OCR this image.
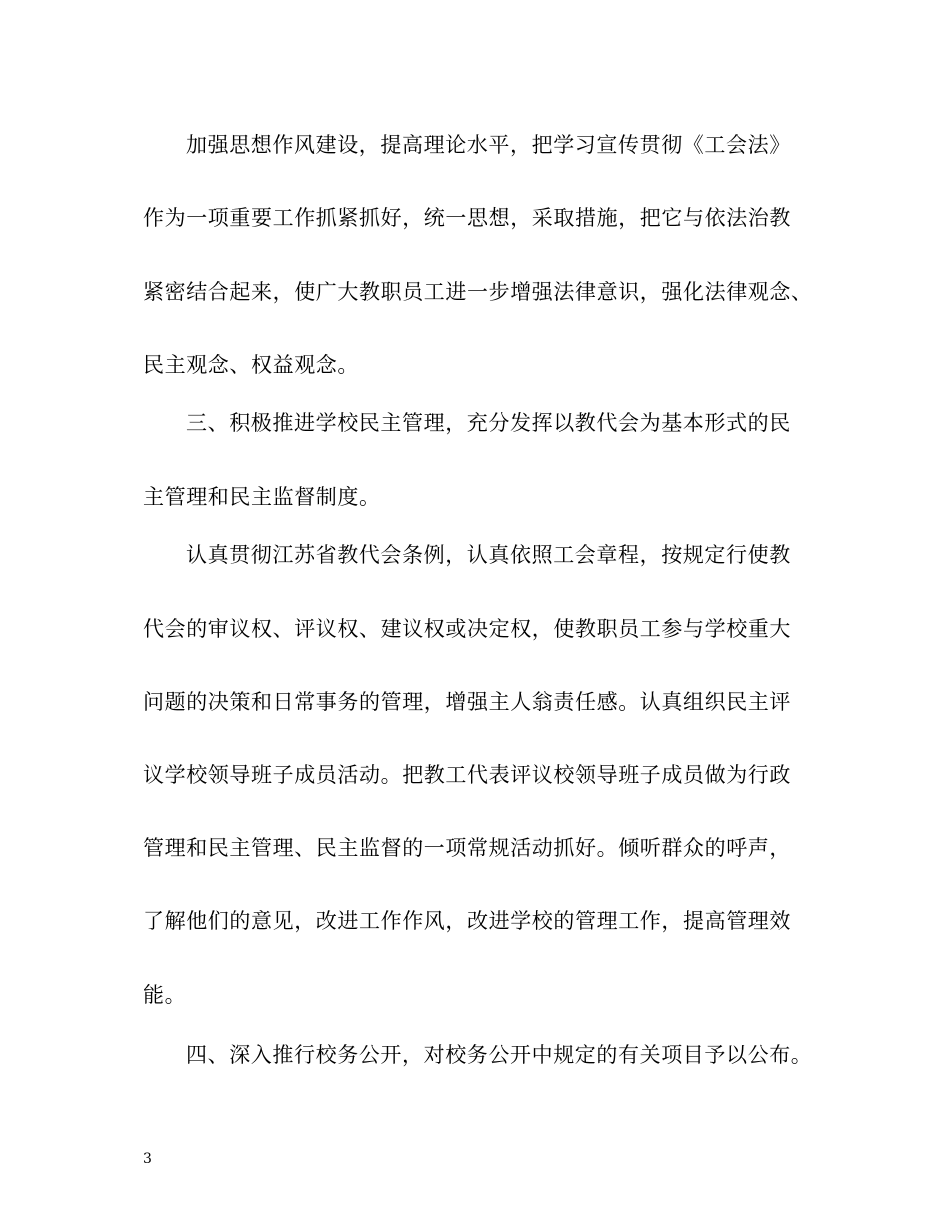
加强思想作风建设，提高理论水平，把学习宣传贯彻《工会法》
作为一项重要工作抓紧抓好，统一思想，采取措施，把它与依法治教
紧密结合起来，使广大教职员工进一步增强法律意识，强化法律观念、
民主观念、权益观念。
三、积极推进学校民主管理，充分发挥以教代会为基本形式的民
主管理和民主监督制度。
认真贯彻江苏省教代会条例，认真依照工会章程，按规定行使教
代会的审议权、评议权、建议权或决定权，使教职员工参与学校重大
问题的决策和日常事务的管理，增强主人翁责任感。认真组织民主评
议学校领导班子成员活动。把教工代表评议校领导班子成员做为行政
管理和民主管理、民主监督的一项常规活动抓好。倾听群众的呼声，
了解他们的意见，改进工作作风，改进学校的管理工作，提高管理效
能。
四、深入推行校务公开，对校务公开中规定的有关项目予以公布。
3
